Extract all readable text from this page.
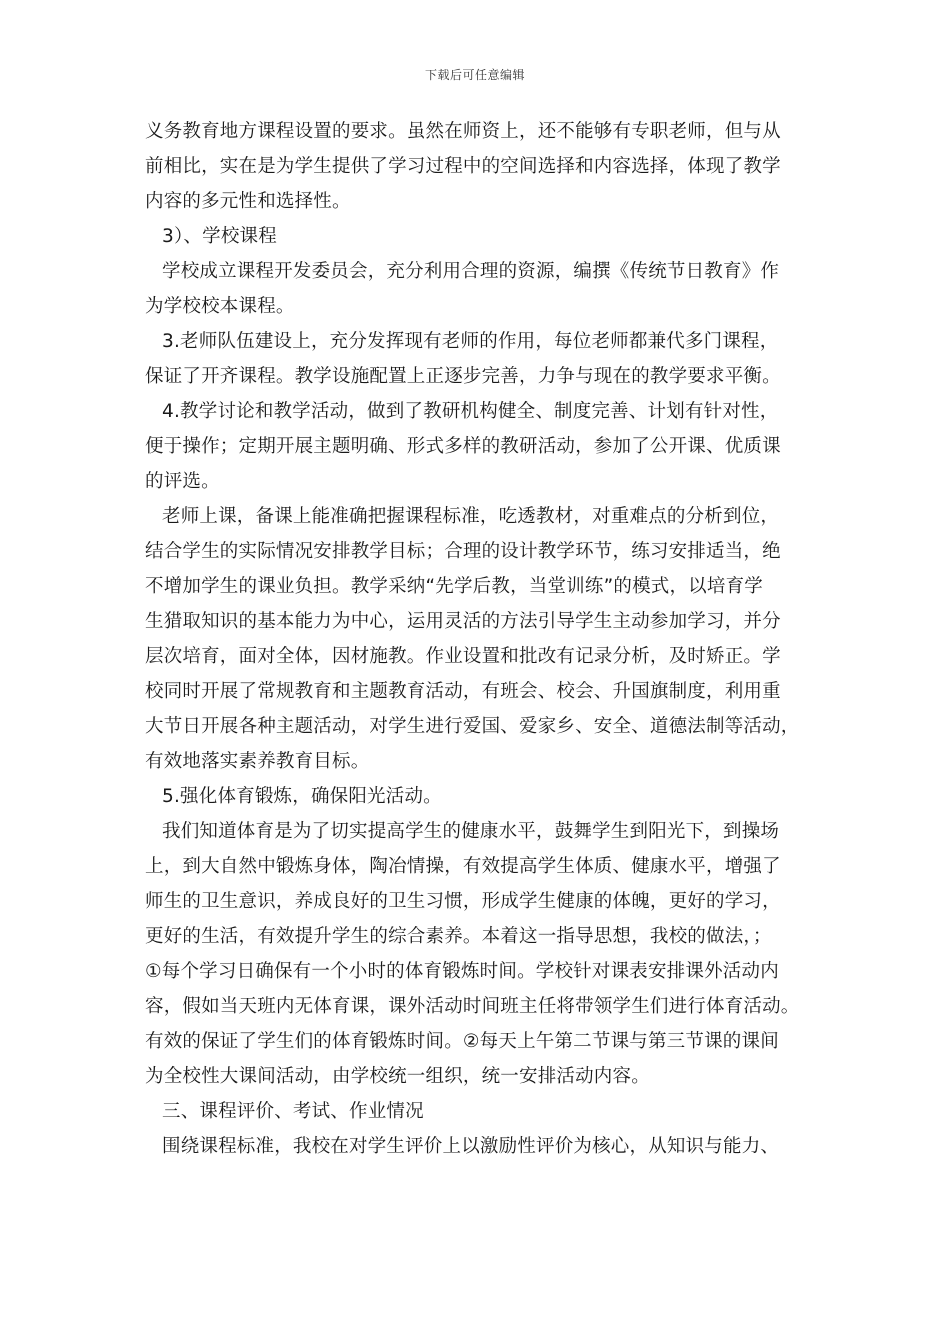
下载后可任意编辑
义务教育地方课程设置的要求。虽然在师资上，还不能够有专职老师，但与从
前相比，实在是为学生提供了学习过程中的空间选择和内容选择，体现了教学
内容的多元性和选择性。
3）、学校课程
学校成立课程开发委员会，充分利用合理的资源，编撰《传统节日教育》作
为学校校本课程。
3.老师队伍建设上，充分发挥现有老师的作用，每位老师都兼代多门课程，
保证了开齐课程。教学设施配置上正逐步完善，力争与现在的教学要求平衡。
4.教学讨论和教学活动，做到了教研机构健全、制度完善、计划有针对性，
便于操作；定期开展主题明确、形式多样的教研活动，参加了公开课、优质课
的评选。
老师上课，备课上能准确把握课程标准，吃透教材，对重难点的分析到位，
结合学生的实际情况安排教学目标；合理的设计教学环节，练习安排适当，绝
不增加学生的课业负担。教学采纳“先学后教，当堂训练”的模式，以培育学
生猎取知识的基本能力为中心，运用灵活的方法引导学生主动参加学习，并分
层次培育，面对全体，因材施教。作业设置和批改有记录分析，及时矫正。学
校同时开展了常规教育和主题教育活动，有班会、校会、升国旗制度，利用重
大节日开展各种主题活动，对学生进行爱国、爱家乡、安全、道德法制等活动，
有效地落实素养教育目标。
5.强化体育锻炼，确保阳光活动。
我们知道体育是为了切实提高学生的健康水平，鼓舞学生到阳光下，到操场
上，到大自然中锻炼身体，陶冶情操，有效提高学生体质、健康水平，增强了
师生的卫生意识，养成良好的卫生习惯，形成学生健康的体魄，更好的学习，
更好的生活，有效提升学生的综合素养。本着这一指导思想，我校的做法，；
①每个学习日确保有一个小时的体育锻炼时间。学校针对课表安排课外活动内
容，假如当天班内无体育课，课外活动时间班主任将带领学生们进行体育活动。
有效的保证了学生们的体育锻炼时间。②每天上午第二节课与第三节课的课间
为全校性大课间活动，由学校统一组织，统一安排活动内容。
三、课程评价、考试、作业情况
围绕课程标准，我校在对学生评价上以激励性评价为核心，从知识与能力、
